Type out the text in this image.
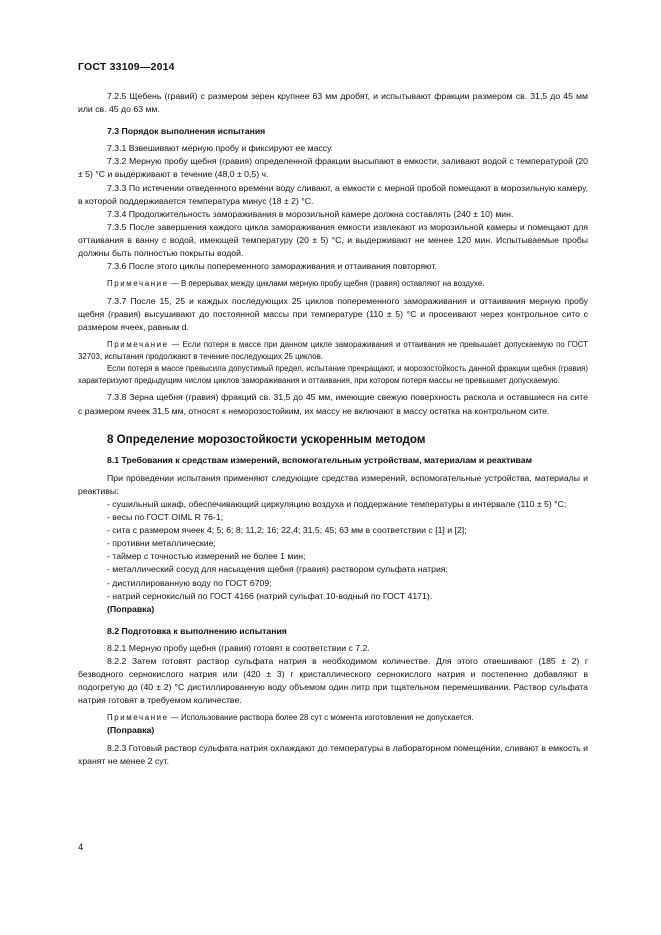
ГОСТ 33109—2014

7.2.5 Щебень (гравий) с размером зерен крупнее 63 мм дробят, и испытывают фракции размером св. 31,5 до 45 мм или св. 45 до 63 мм.

7.3 Порядок выполнения испытания

7.3.1 Взвешивают мерную пробу и фиксируют ее массу.

7.3.2 Мерную пробу щебня (гравия) определенной фракции высыпают в емкости, заливают водой с температурой (20 ± 5) °С и выдерживают в течение (48,0 ± 0,5) ч.

7.3.3 По истечении отведенного времени воду сливают, а емкости с мерной пробой помещают в морозильную камеру, в которой поддерживается температура минус (18 ± 2) °С.

7.3.4 Продолжительность замораживания в морозильной камере должна составлять (240 ± 10) мин.

7.3.5 После завершения каждого цикла замораживания емкости извлекают из морозильной камеры и помещают для оттаивания в ванну с водой, имеющей температуру (20 ± 5) °С, и выдерживают не менее 120 мин. Испытываемые пробы должны быть полностью покрыты водой.

7.3.6 После этого циклы попеременного замораживания и оттаивания повторяют.

Примечание — В перерывах между циклами мерную пробу щебня (гравия) оставляют на воздухе.

7.3.7 После 15, 25 и каждых последующих 25 циклов попеременного замораживания и оттаивания мерную пробу щебня (гравия) высушивают до постоянной массы при температуре (110 ± 5) °С и просеивают через контрольное сито с размером ячеек, равным d.

Примечание — Если потеря в массе при данном цикле замораживания и оттаивания не превышает допускаемую по ГОСТ 32703, испытания продолжают в течение последующих 25 циклов.

Если потеря в массе превысила допустимый предел, испытание прекращают, и морозостойкость данной фракции щебня (гравия) характеризуют предыдущим числом циклов замораживания и оттаивания, при котором потеря массы не превышает допускаемую.

7.3.8 Зерна щебня (гравия) фракций св. 31,5 до 45 мм, имеющие свежую поверхность раскола и оставшиеся на сите с размером ячеек 31,5 мм, относят к неморозостойким, их массу не включают в массу остатка на контрольном сите.

8 Определение морозостойкости ускоренным методом

8.1 Требования к средствам измерений, вспомогательным устройствам, материалам и реактивам

При проведении испытания применяют следующие средства измерений, вспомогательные устройства, материалы и реактивы:

- сушильный шкаф, обеспечивающий циркуляцию воздуха и поддержание температуры в интервале (110 ± 5) °С;

- весы по ГОСТ OIML R 76-1;

- сита с размером ячеек 4; 5; 6; 8; 11,2; 16; 22,4; 31,5; 45; 63 мм в соответствии с [1] и [2];

- противни металлические;

- таймер с точностью измерений не более 1 мин;

- металлический сосуд для насыщения щебня (гравия) раствором сульфата натрия;

- дистиллированную воду по ГОСТ 6709;

- натрий сернокислый по ГОСТ 4166 (натрий сульфат 10-водный по ГОСТ 4171).

(Поправка)

8.2 Подготовка к выполнению испытания

8.2.1 Мерную пробу щебня (гравия) готовят в соответствии с 7.2.

8.2.2 Затем готовят раствор сульфата натрия в необходимом количестве. Для этого отвешивают (185 ± 2) г безводного сернокислого натрия или (420 ± 3) г кристаллического сернокислого натрия и постепенно добавляют в подогретую до (40 ± 2) °С дистиллированную воду объемом один литр при тщательном перемешивании. Раствор сульфата натрия готовят в требуемом количестве.

Примечание — Использование раствора более 28 сут с момента изготовления не допускается.

(Поправка)

8.2.3 Готовый раствор сульфата натрия охлаждают до температуры в лабораторном помещении, сливают в емкость и хранят не менее 2 сут.

4
